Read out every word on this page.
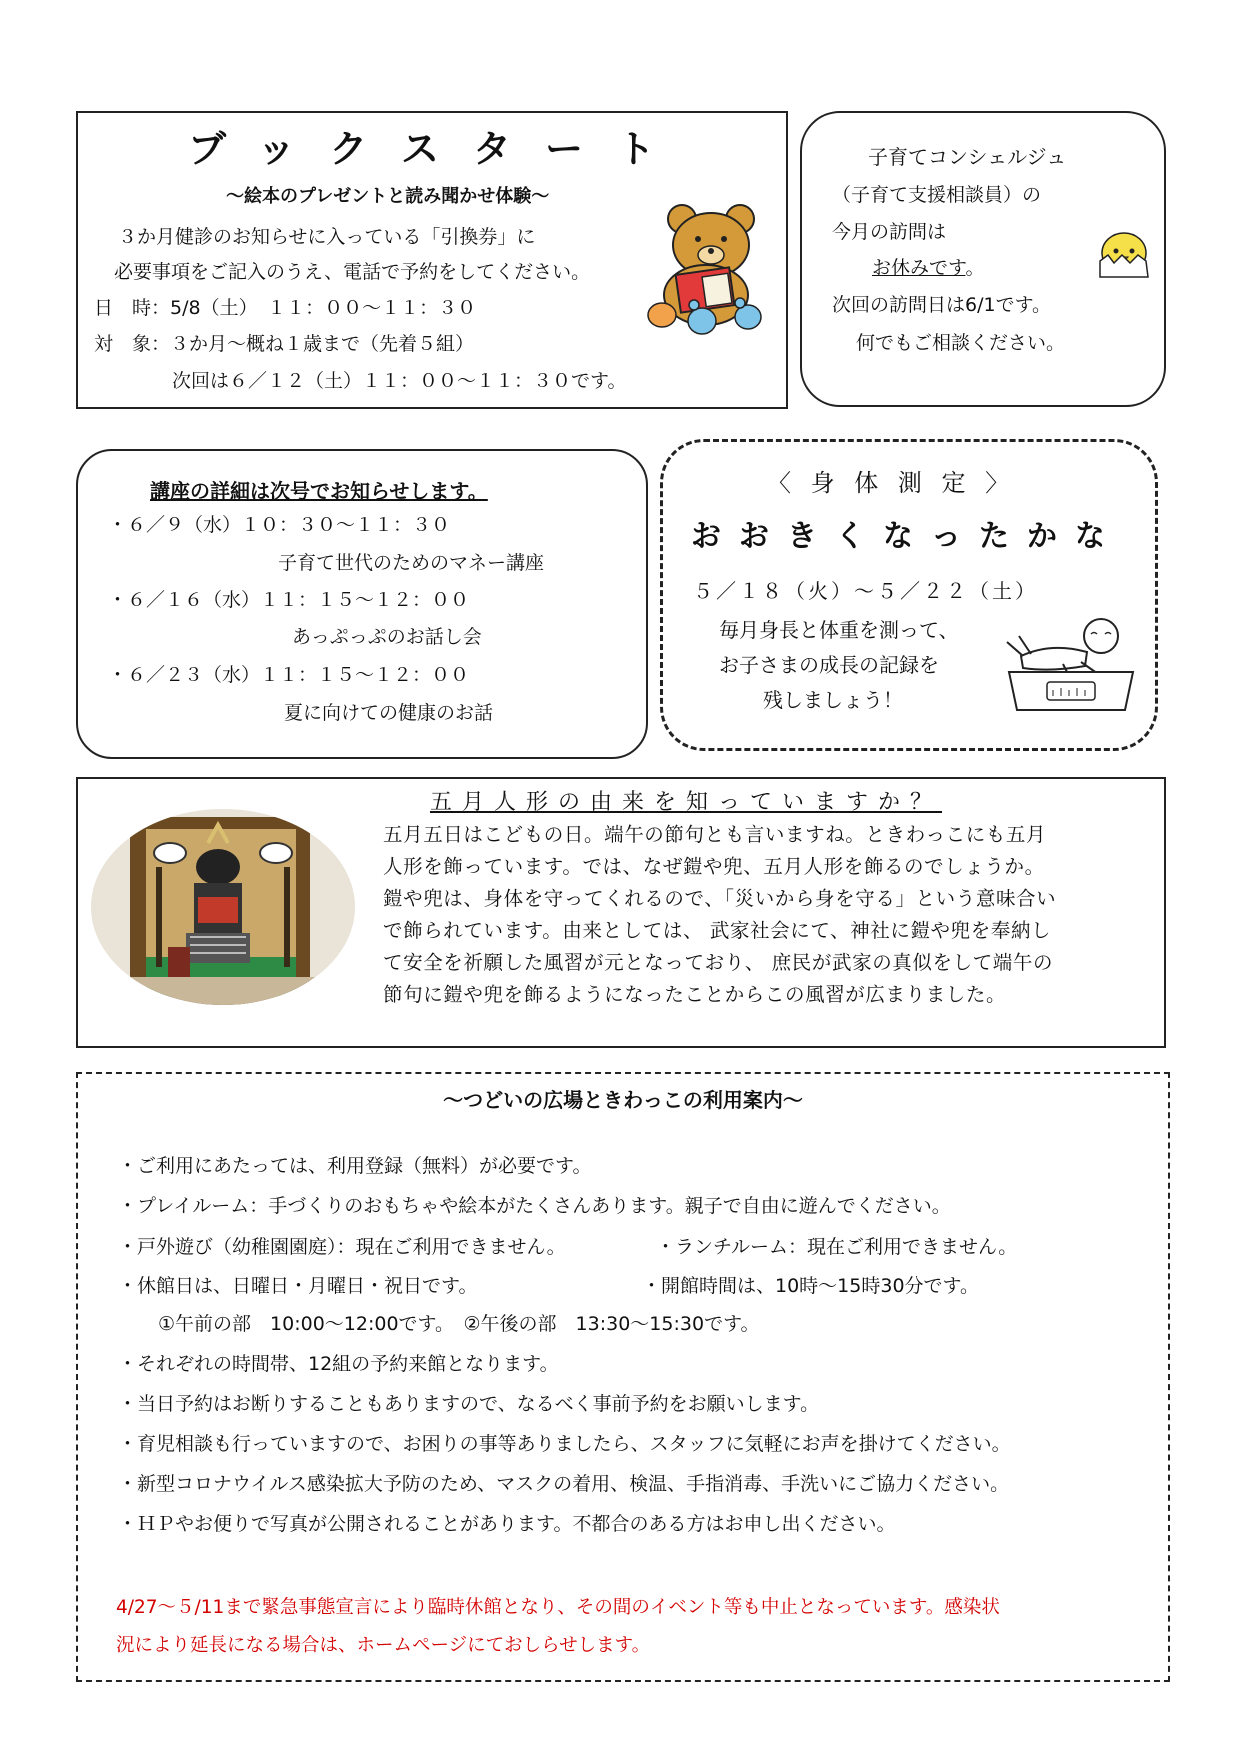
ブックスタート
～絵本のプレゼントと読み聞かせ体験～
３か月健診のお知らせに入っている「引換券」に
必要事項をご記入のうえ、電話で予約をしてください。
日　時：5/8（土）　１１：００～１１：３０
対　象：３か月～概ね１歳まで（先着５組）
次回は６／１２（土）１１：００～１１：３０です。
子育てコンシェルジュ
（子育て支援相談員）の
今月の訪問は
お休みです。
次回の訪問日は6/1です。
何でもご相談ください。
講座の詳細は次号でお知らせします。
・６／９（水）１０：３０～１１：３０
子育て世代のためのマネー講座
・６／１６（水）１１：１５～１２：００
あっぷっぷのお話し会
・６／２３（水）１１：１５～１２：００
夏に向けての健康のお話
〈 身 体 測 定 〉
おおきくなったかな
５／１８（火）～５／２２（土）
毎月身長と体重を測って、
お子さまの成長の記録を
残しましょう！
五月人形の由来を知っていますか？
五月五日はこどもの日。端午の節句とも言いますね。ときわっこにも五月
人形を飾っています。では、なぜ鎧や兜、五月人形を飾るのでしょうか。
鎧や兜は、身体を守ってくれるので、「災いから身を守る」という意味合い
で飾られています。由来としては、 武家社会にて、神社に鎧や兜を奉納し
て安全を祈願した風習が元となっており、 庶民が武家の真似をして端午の
節句に鎧や兜を飾るようになったことからこの風習が広まりました。
～つどいの広場ときわっこの利用案内～
・ご利用にあたっては、利用登録（無料）が必要です。
・プレイルーム：手づくりのおもちゃや絵本がたくさんあります。親子で自由に遊んでください。
・戸外遊び（幼稚園園庭）：現在ご利用できません。	・ランチルーム：現在ご利用できません。
・休館日は、日曜日・月曜日・祝日です。	・開館時間は、10時～15時30分です。
①午前の部　10:00～12:00です。　②午後の部　13:30～15:30です。
・それぞれの時間帯、12組の予約来館となります。
・当日予約はお断りすることもありますので、なるべく事前予約をお願いします。
・育児相談も行っていますので、お困りの事等ありましたら、スタッフに気軽にお声を掛けてください。
・新型コロナウイルス感染拡大予防のため、マスクの着用、検温、手指消毒、手洗いにご協力ください。
・ＨＰやお便りで写真が公開されることがあります。不都合のある方はお申し出ください。
4/27～５/11まで緊急事態宣言により臨時休館となり、その間のイベント等も中止となっています。感染状
況により延長になる場合は、ホームページにておしらせします。
